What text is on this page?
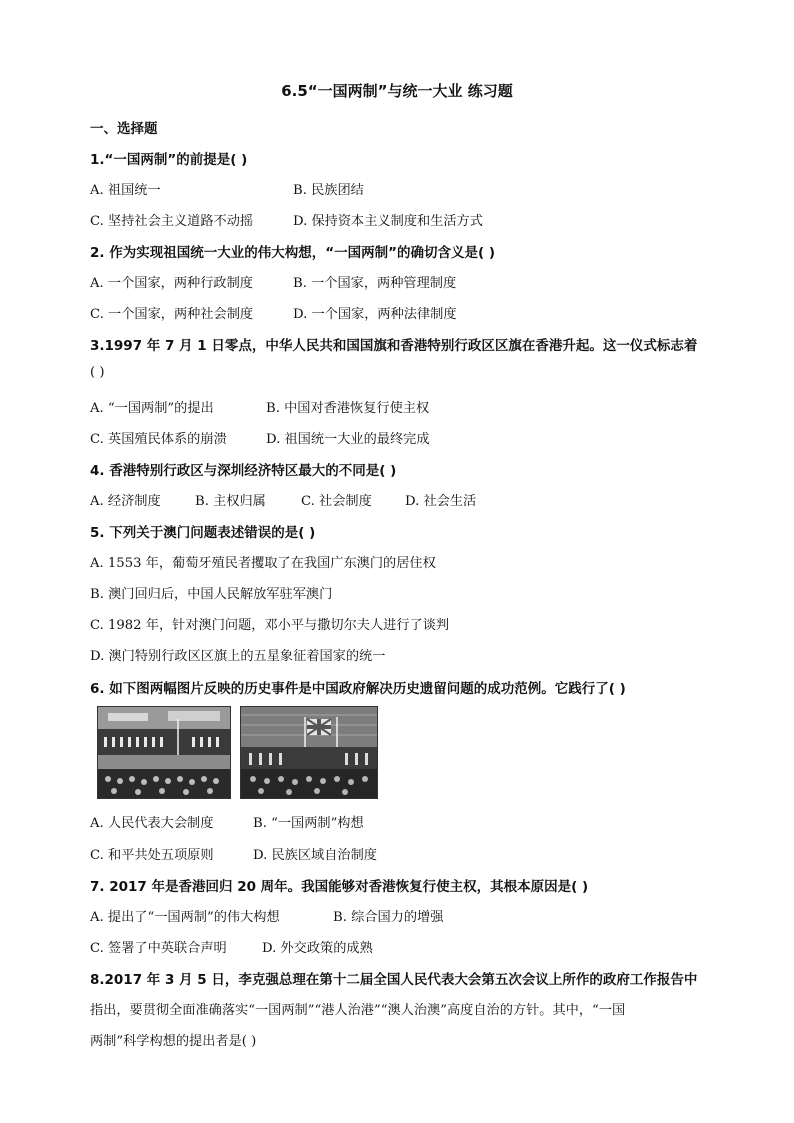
6.5“一国两制”与统一大业 练习题
一、选择题
1.“一国两制”的前提是( )
A. 祖国统一	B. 民族团结
C. 坚持社会主义道路不动摇	D. 保持资本主义制度和生活方式
2. 作为实现祖国统一大业的伟大构想，“一国两制”的确切含义是( )
A. 一个国家，两种行政制度	B. 一个国家，两种管理制度
C. 一个国家，两种社会制度	D. 一个国家，两种法律制度
3.1997 年 7 月 1 日零点，中华人民共和国国旗和香港特别行政区区旗在香港升起。这一仪式标志着
( )
A. “一国两制”的提出	B. 中国对香港恢复行使主权
C. 英国殖民体系的崩溃	D. 祖国统一大业的最终完成
4. 香港特别行政区与深圳经济特区最大的不同是( )
A. 经济制度	B. 主权归属	C. 社会制度	D. 社会生活
5. 下列关于澳门问题表述错误的是( )
A. 1553 年，葡萄牙殖民者攫取了在我国广东澳门的居住权
B. 澳门回归后，中国人民解放军驻军澳门
C. 1982 年，针对澳门问题，邓小平与撒切尔夫人进行了谈判
D. 澳门特别行政区区旗上的五星象征着国家的统一
6. 如下图两幅图片反映的历史事件是中国政府解决历史遗留问题的成功范例。它践行了( )
A. 人民代表大会制度	B. “一国两制”构想
C. 和平共处五项原则	D. 民族区域自治制度
7. 2017 年是香港回归 20 周年。我国能够对香港恢复行使主权，其根本原因是( )
A. 提出了“一国两制”的伟大构想	B. 综合国力的增强
C. 签署了中英联合声明	D. 外交政策的成熟
8.2017 年 3 月 5 日，李克强总理在第十二届全国人民代表大会第五次会议上所作的政府工作报告中
指出，要贯彻全面准确落实“一国两制”“港人治港”“澳人治澳”高度自治的方针。其中，“一国
两制”科学构想的提出者是( )
